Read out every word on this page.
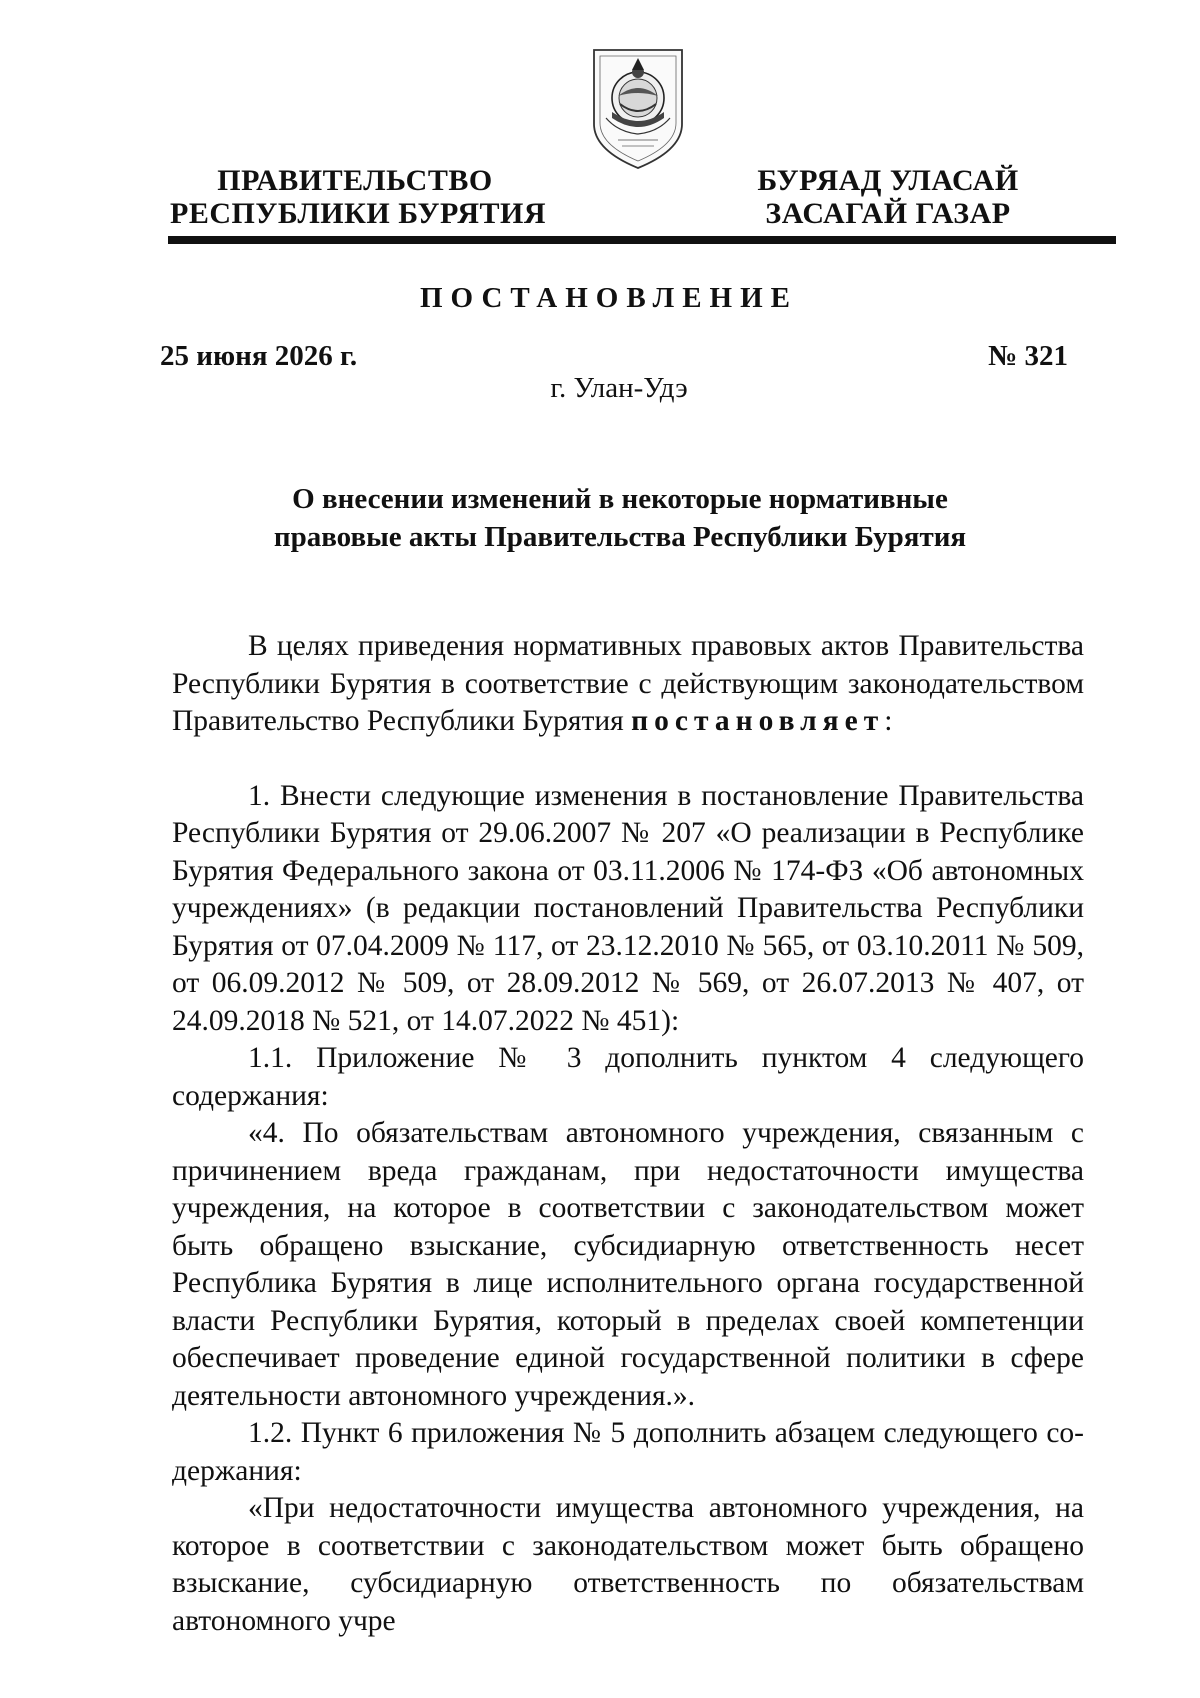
ПРАВИТЕЛЬСТВО
РЕСПУБЛИКИ БУРЯТИЯ
БУРЯАД УЛАСАЙ
ЗАСАГАЙ ГАЗАР
ПОСТАНОВЛЕНИЕ
25 июня 2026 г.	№ 321
г. Улан-Удэ
О внесении изменений в некоторые нормативные
правовые акты Правительства Республики Бурятия

В целях приведения нормативных правовых актов Правительства Республики Бурятия в соответствие с действующим законодательством Правительство Республики Бурятия постановляет:

1. Внести следующие изменения в постановление Правительства Республики Бурятия от 29.06.2007 № 207 «О реализации в Республике Бурятия Федерального закона от 03.11.2006 № 174-ФЗ «Об автономных учреждениях» (в редакции постановлений Правительства Республики Бурятия от 07.04.2009 № 117, от 23.12.2010 № 565, от 03.10.2011 № 509, от 06.09.2012 № 509, от 28.09.2012 № 569, от 26.07.2013 № 407, от 24.09.2018 № 521, от 14.07.2022 № 451):

1.1. Приложение № 3 дополнить пунктом 4 следующего содержания:

«4. По обязательствам автономного учреждения, связанным с причинением вреда гражданам, при недостаточности имущества учреждения, на которое в соответствии с законодательством может быть обращено взыскание, субсидиарную ответственность несет Республика Бурятия в лице исполнительного органа государственной власти Республики Бурятия, который в пределах своей компетенции обеспечивает проведение единой государственной политики в сфере деятельности автономного учреждения.».

1.2. Пункт 6 приложения № 5 дополнить абзацем следующего содержания:

«При недостаточности имущества автономного учреждения, на которое в соответствии с законодательством может быть обращено взыскание, субсидиарную ответственность по обязательствам автономного учре
